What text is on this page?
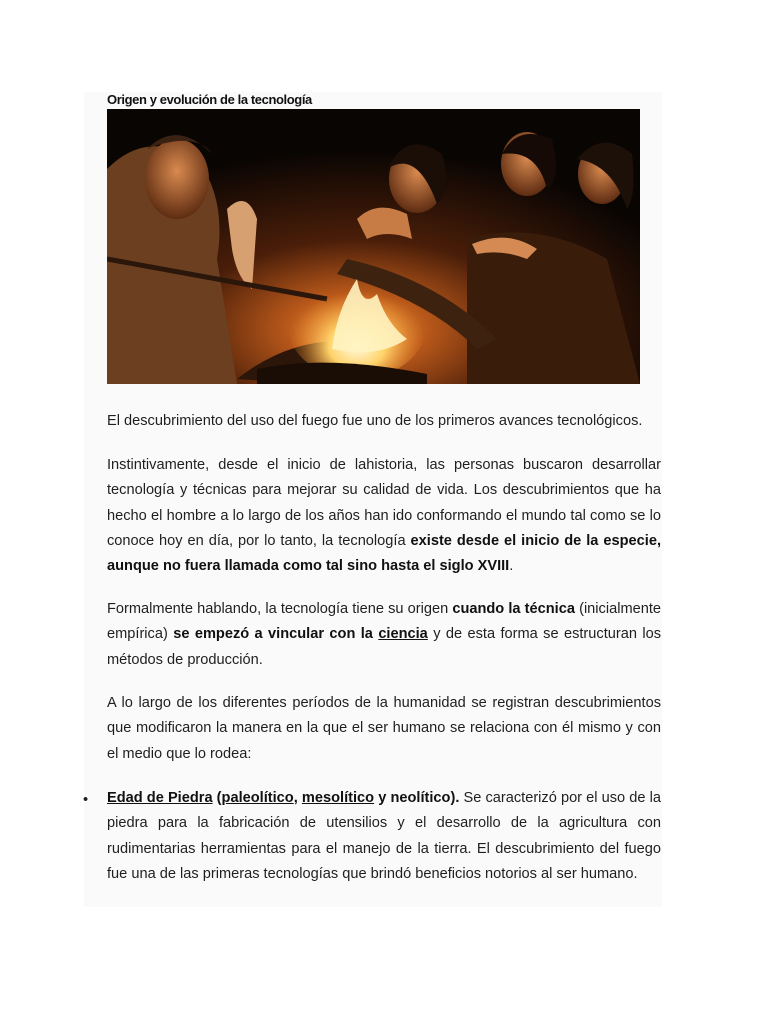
Origen y evolución de la tecnología
El descubrimiento del uso del fuego fue uno de los primeros avances tecnológicos.
Instintivamente, desde el inicio de lahistoria, las personas buscaron desarrollar tecnología y técnicas para mejorar su calidad de vida. Los descubrimientos que ha hecho el hombre a lo largo de los años han ido conformando el mundo tal como se lo conoce hoy en día, por lo tanto, la tecnología existe desde el inicio de la especie, aunque no fuera llamada como tal sino hasta el siglo XVIII.
Formalmente hablando, la tecnología tiene su origen cuando la técnica (inicialmente empírica) se empezó a vincular con la ciencia y de esta forma se estructuran los métodos de producción.
A lo largo de los diferentes períodos de la humanidad se registran descubrimientos que modificaron la manera en la que el ser humano se relaciona con él mismo y con el medio que lo rodea:
• Edad de Piedra (paleolítico, mesolítico y neolítico). Se caracterizó por el uso de la piedra para la fabricación de utensilios y el desarrollo de la agricultura con rudimentarias herramientas para el manejo de la tierra. El descubrimiento del fuego fue una de las primeras tecnologías que brindó beneficios notorios al ser humano.
